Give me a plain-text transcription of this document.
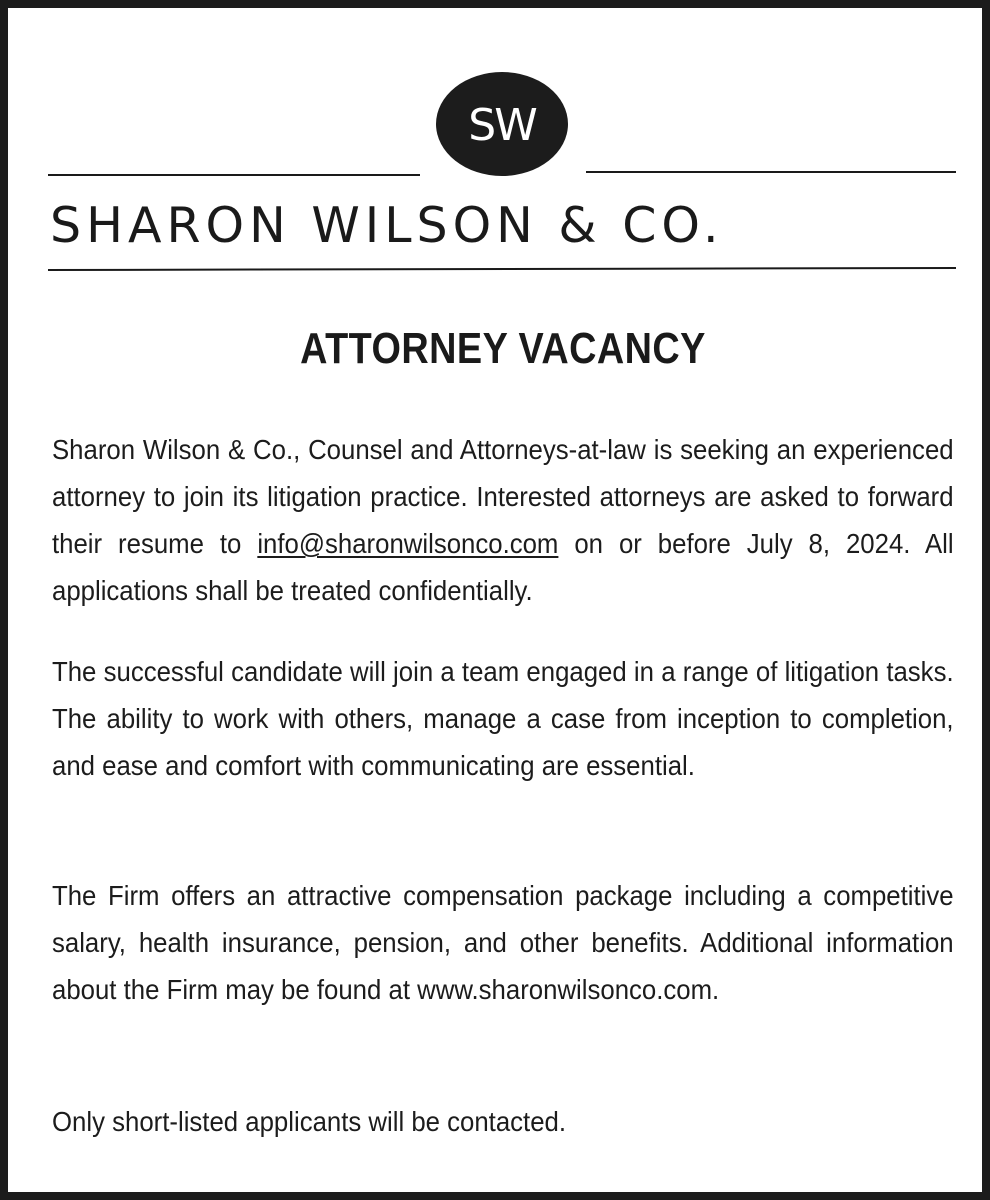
SW
SHARON WILSON & CO.
ATTORNEY VACANCY
Sharon Wilson & Co., Counsel and Attorneys-at-law is seeking an experienced attorney to join its litigation practice. Interested attorneys are asked to forward their resume to info@sharonwilsonco.com on or before July 8, 2024. All applications shall be treated confidentially.
The successful candidate will join a team engaged in a range of litigation tasks. The ability to work with others, manage a case from inception to completion, and ease and comfort with communicating are essential.
The Firm offers an attractive compensation package including a competitive salary, health insurance, pension, and other benefits. Additional information about the Firm may be found at www.sharonwilsonco.com.
Only short-listed applicants will be contacted.
